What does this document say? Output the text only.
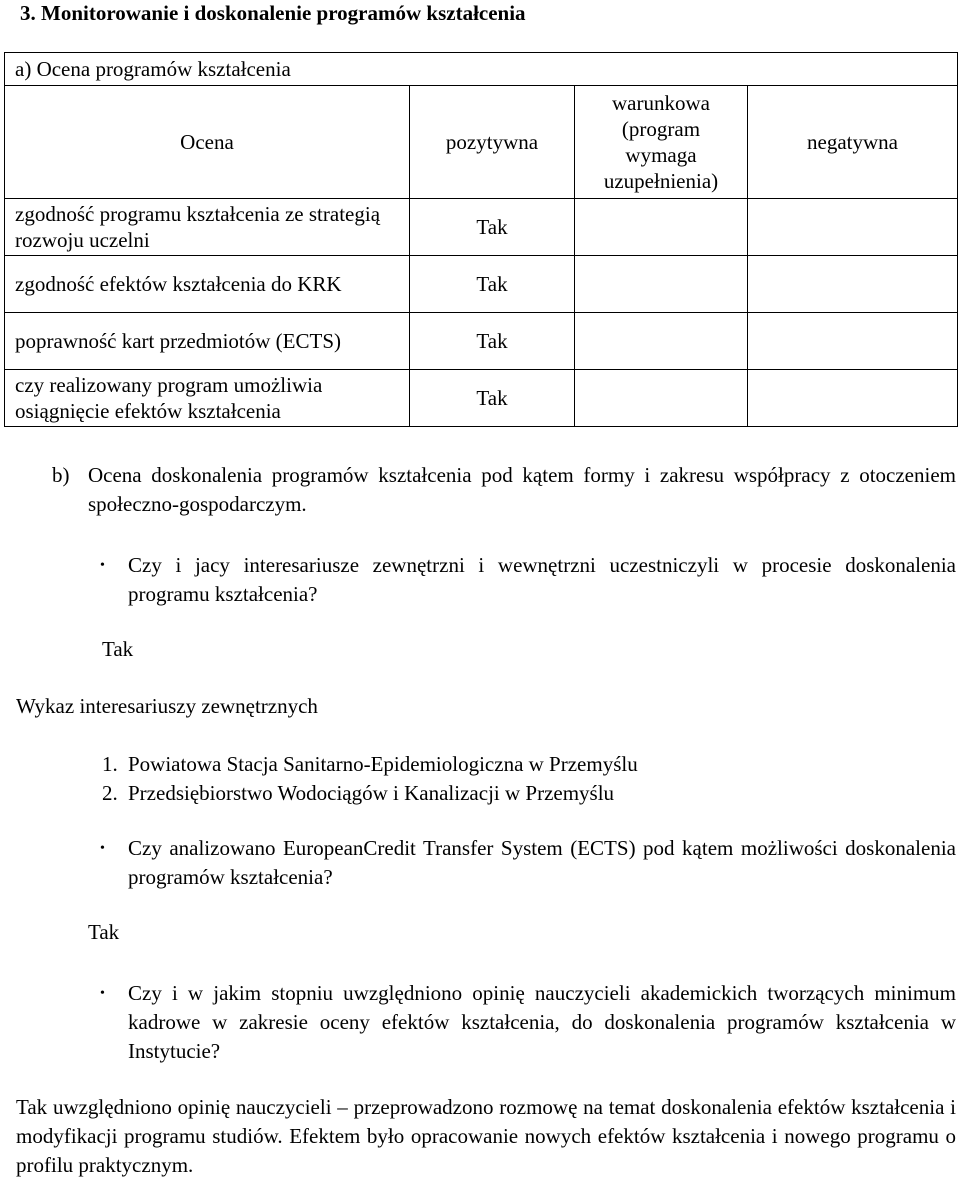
3. Monitorowanie i doskonalenie programów kształcenia
a) Ocena programów kształcenia			
Ocena	pozytywna	warunkowa (program wymaga uzupełnienia)	negatywna
zgodność programu kształcenia ze strategią rozwoju uczelni	Tak		
zgodność efektów kształcenia do KRK	Tak		
poprawność kart przedmiotów (ECTS)	Tak		
czy realizowany program umożliwia osiągnięcie efektów kształcenia	Tak		
b) Ocena doskonalenia programów kształcenia pod kątem formy i zakresu współpracy z otoczeniem społeczno-gospodarczym.
• Czy i jacy interesariusze zewnętrzni i wewnętrzni uczestniczyli w procesie doskonalenia programu kształcenia?
Tak
Wykaz interesariuszy zewnętrznych
1. Powiatowa Stacja Sanitarno-Epidemiologiczna w Przemyślu
2. Przedsiębiorstwo Wodociągów i Kanalizacji w Przemyślu
• Czy analizowano EuropeanCredit Transfer System (ECTS) pod kątem możliwości doskonalenia programów kształcenia?
Tak
• Czy i w jakim stopniu uwzględniono opinię nauczycieli akademickich tworzących minimum kadrowe w zakresie oceny efektów kształcenia, do doskonalenia programów kształcenia w Instytucie?
Tak uwzględniono opinię nauczycieli – przeprowadzono rozmowę na temat doskonalenia efektów kształcenia i modyfikacji programu studiów. Efektem było opracowanie nowych efektów kształcenia i nowego programu o profilu praktycznym.
